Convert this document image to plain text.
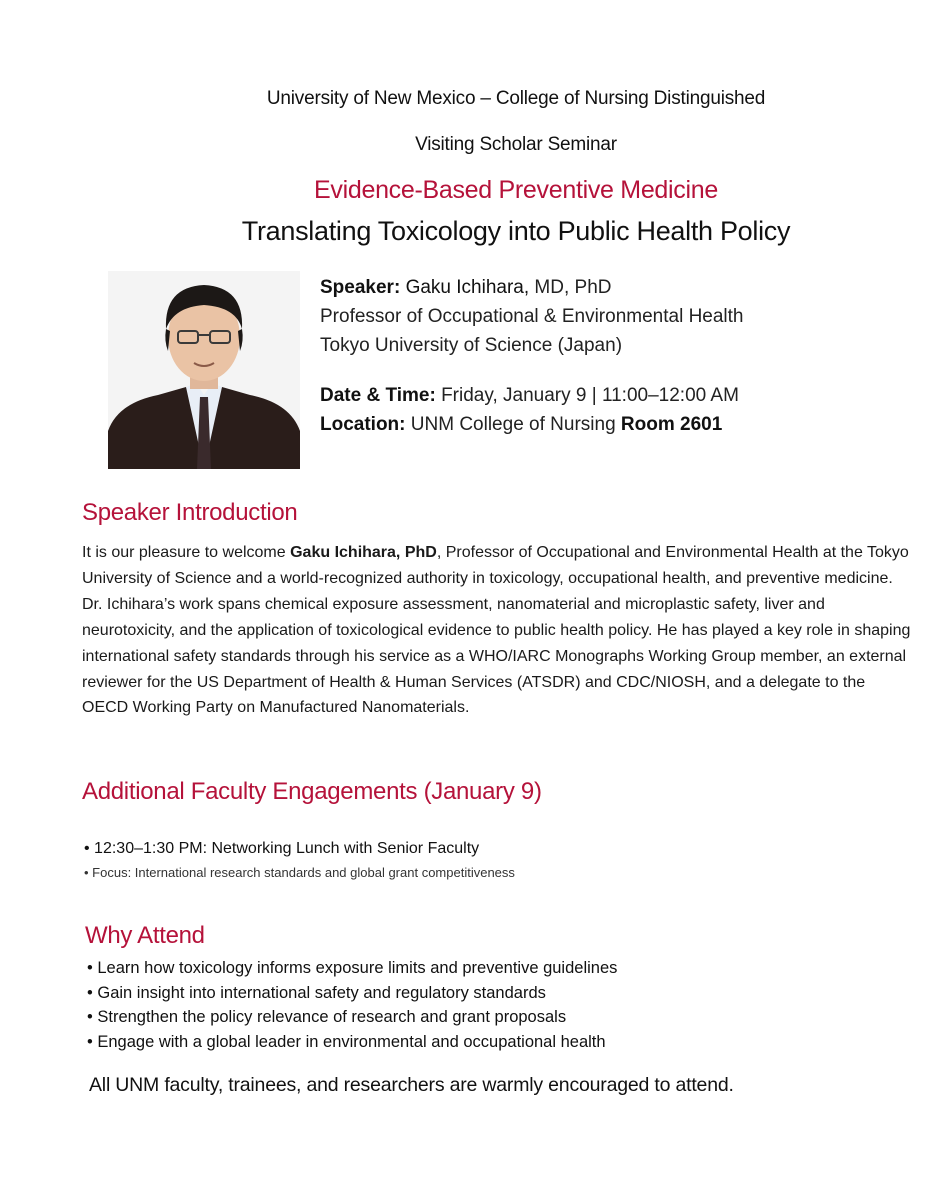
University of New Mexico – College of Nursing Distinguished
Visiting Scholar Seminar
Evidence-Based Preventive Medicine
Translating Toxicology into Public Health Policy
Speaker: Gaku Ichihara, MD, PhD
Professor of Occupational & Environmental Health
Tokyo University of Science (Japan)
Date & Time: Friday, January 9 | 11:00–12:00 AM
Location: UNM College of Nursing Room 2601
Speaker Introduction
It is our pleasure to welcome Gaku Ichihara, PhD, Professor of Occupational and Environmental Health at the Tokyo University of Science and a world-recognized authority in toxicology, occupational health, and preventive medicine. Dr. Ichihara’s work spans chemical exposure assessment, nanomaterial and microplastic safety, liver and neurotoxicity, and the application of toxicological evidence to public health policy. He has played a key role in shaping international safety standards through his service as a WHO/IARC Monographs Working Group member, an external reviewer for the US Department of Health & Human Services (ATSDR) and CDC/NIOSH, and a delegate to the OECD Working Party on Manufactured Nanomaterials.
Additional Faculty Engagements (January 9)
• 12:30–1:30 PM: Networking Lunch with Senior Faculty
• Focus: International research standards and global grant competitiveness
Why Attend
• Learn how toxicology informs exposure limits and preventive guidelines
• Gain insight into international safety and regulatory standards
• Strengthen the policy relevance of research and grant proposals
• Engage with a global leader in environmental and occupational health
All UNM faculty, trainees, and researchers are warmly encouraged to attend.
